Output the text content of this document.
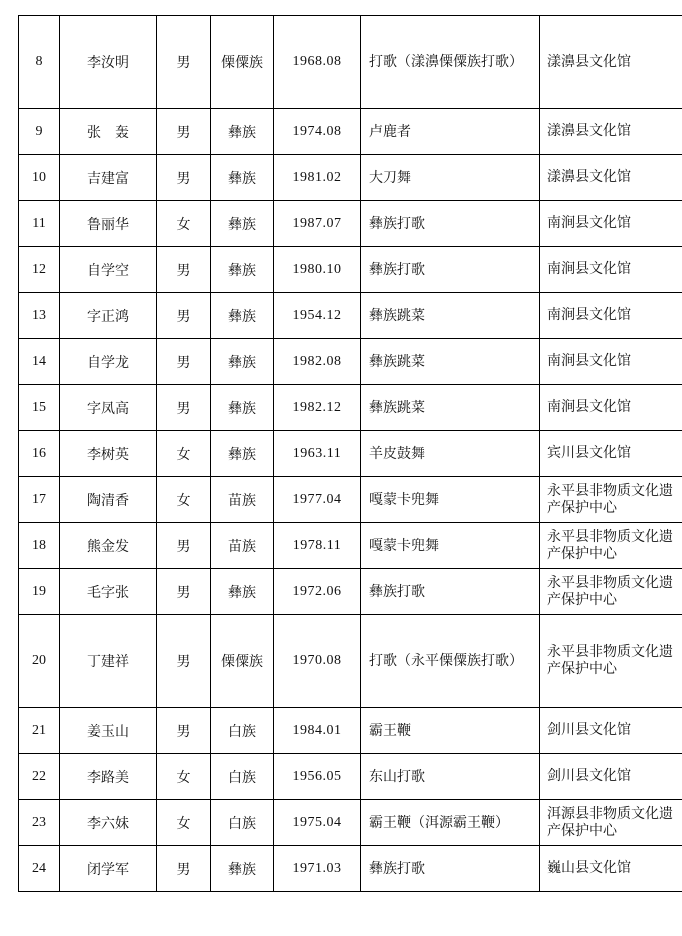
8	李汝明	男	傈僳族	1968.08	打歌（漾濞傈僳族打歌）	漾濞县文化馆

9	张　轰	男	彝族	1974.08	卢鹿者	漾濞县文化馆

10	吉建富	男	彝族	1981.02	大刀舞	漾濞县文化馆

11	鲁丽华	女	彝族	1987.07	彝族打歌	南涧县文化馆

12	自学空	男	彝族	1980.10	彝族打歌	南涧县文化馆

13	字正鸿	男	彝族	1954.12	彝族跳菜	南涧县文化馆

14	自学龙	男	彝族	1982.08	彝族跳菜	南涧县文化馆

15	字凤高	男	彝族	1982.12	彝族跳菜	南涧县文化馆

16	李树英	女	彝族	1963.11	羊皮鼓舞	宾川县文化馆

17	陶清香	女	苗族	1977.04	嘎蒙卡兜舞	永平县非物质文化遗产保护中心

18	熊金发	男	苗族	1978.11	嘎蒙卡兜舞	永平县非物质文化遗产保护中心

19	毛字张	男	彝族	1972.06	彝族打歌	永平县非物质文化遗产保护中心

20	丁建祥	男	傈僳族	1970.08	打歌（永平傈僳族打歌）	永平县非物质文化遗产保护中心

21	姜玉山	男	白族	1984.01	霸王鞭	剑川县文化馆

22	李路美	女	白族	1956.05	东山打歌	剑川县文化馆

23	李六妹	女	白族	1975.04	霸王鞭（洱源霸王鞭）	洱源县非物质文化遗产保护中心

24	闭学军	男	彝族	1971.03	彝族打歌	巍山县文化馆
